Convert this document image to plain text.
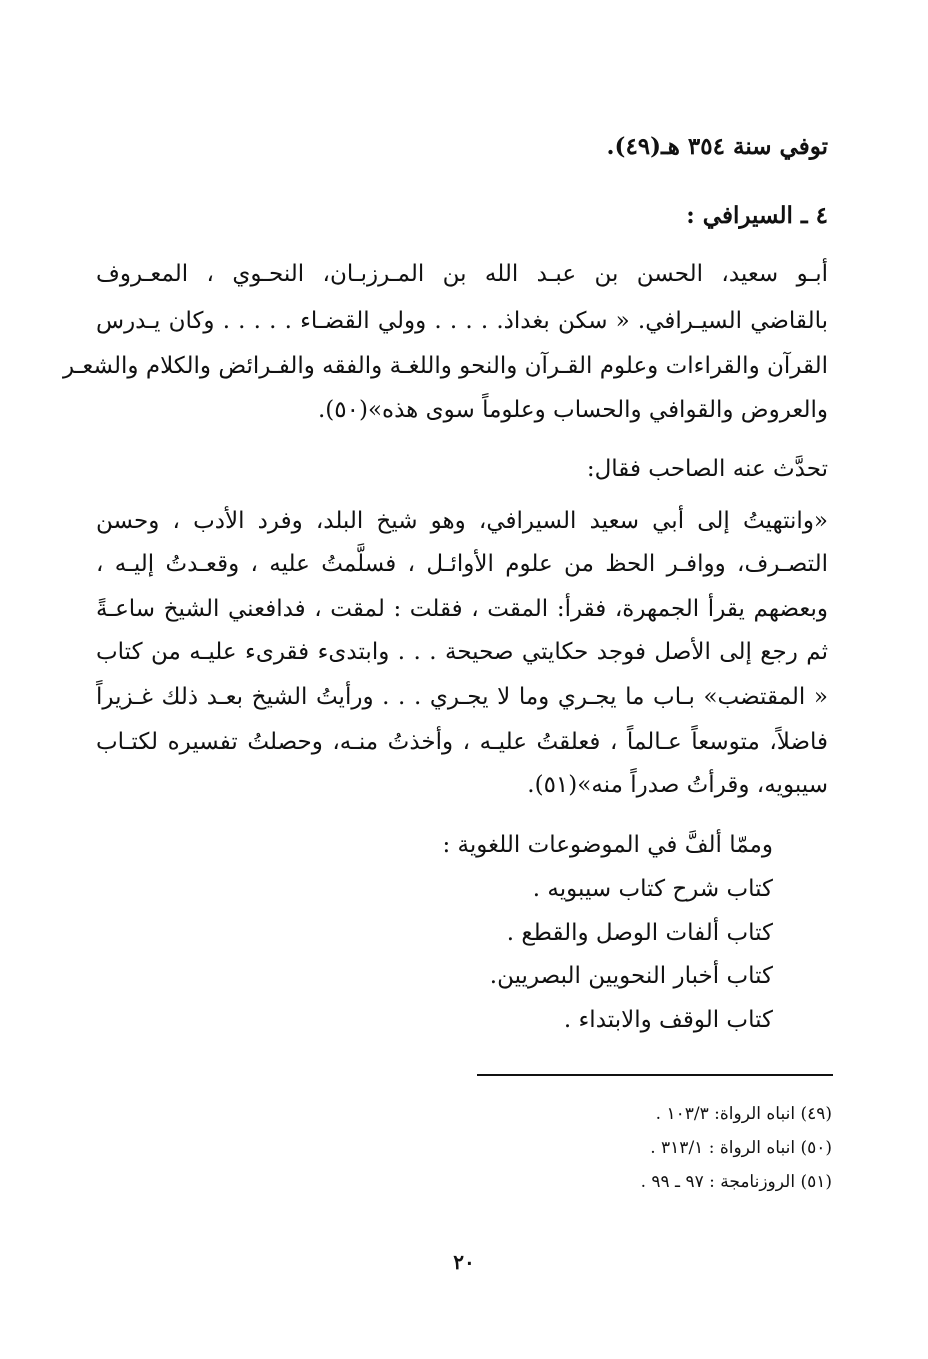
توفي سنة ٣٥٤ هـ(٤٩).

٤ ـ السيرافي :

أبـو سعيد، الحسن بن عبـد الله بن المـرزبـان، النحـوي ، المعـروف

بالقاضي السيـرافي. « سكن بغداذ. . . . . وولي القضـاء . . . . . وكان يـدرس

القرآن والقراءات وعلوم القـرآن والنحو واللغـة والفقه والفـرائض والكلام والشعـر

والعروض والقوافي والحساب وعلوماً سوى هذه»(٥٠).

تحدَّث عنه الصاحب فقال:

«وانتهيتُ إلى أبي سعيد السيرافي، وهو شيخ البلد، وفرد الأدب ، وحسن

التصـرف، ووافـر الحظ من علوم الأوائـل ، فسلَّمتُ عليه ، وقعـدتُ إليـه ،

وبعضهم يقرأ الجمهرة، فقرأ: المقت ، فقلت : لمقت ، فدافعني الشيخ ساعـةً

ثم رجع إلى الأصل فوجد حكايتي صحيحة . . . وابتدىء فقرىء عليـه من كتاب

« المقتضب» بـاب ما يجـري وما لا يجـري . . . ورأيتُ الشيخ بعـد ذلك غـزيراً

فاضلاً، متوسعاً عـالماً ، فعلقتُ عليـه ، وأخذتُ منـه، وحصلتُ تفسيره لكتـاب

سيبويه، وقرأتُ صدراً منه»(٥١).

وممّا ألفَّ في الموضوعات اللغوية :

كتاب شرح كتاب سيبويه .

كتاب ألفات الوصل والقطع .

كتاب أخبار النحويين البصريين.

كتاب الوقف والابتداء .

(٤٩) انباه الرواة: ١٠٣/٣ .

(٥٠) انباه الرواة : ٣١٣/١ .

(٥١) الروزنامجة : ٩٧ ـ ٩٩ .

٢٠
